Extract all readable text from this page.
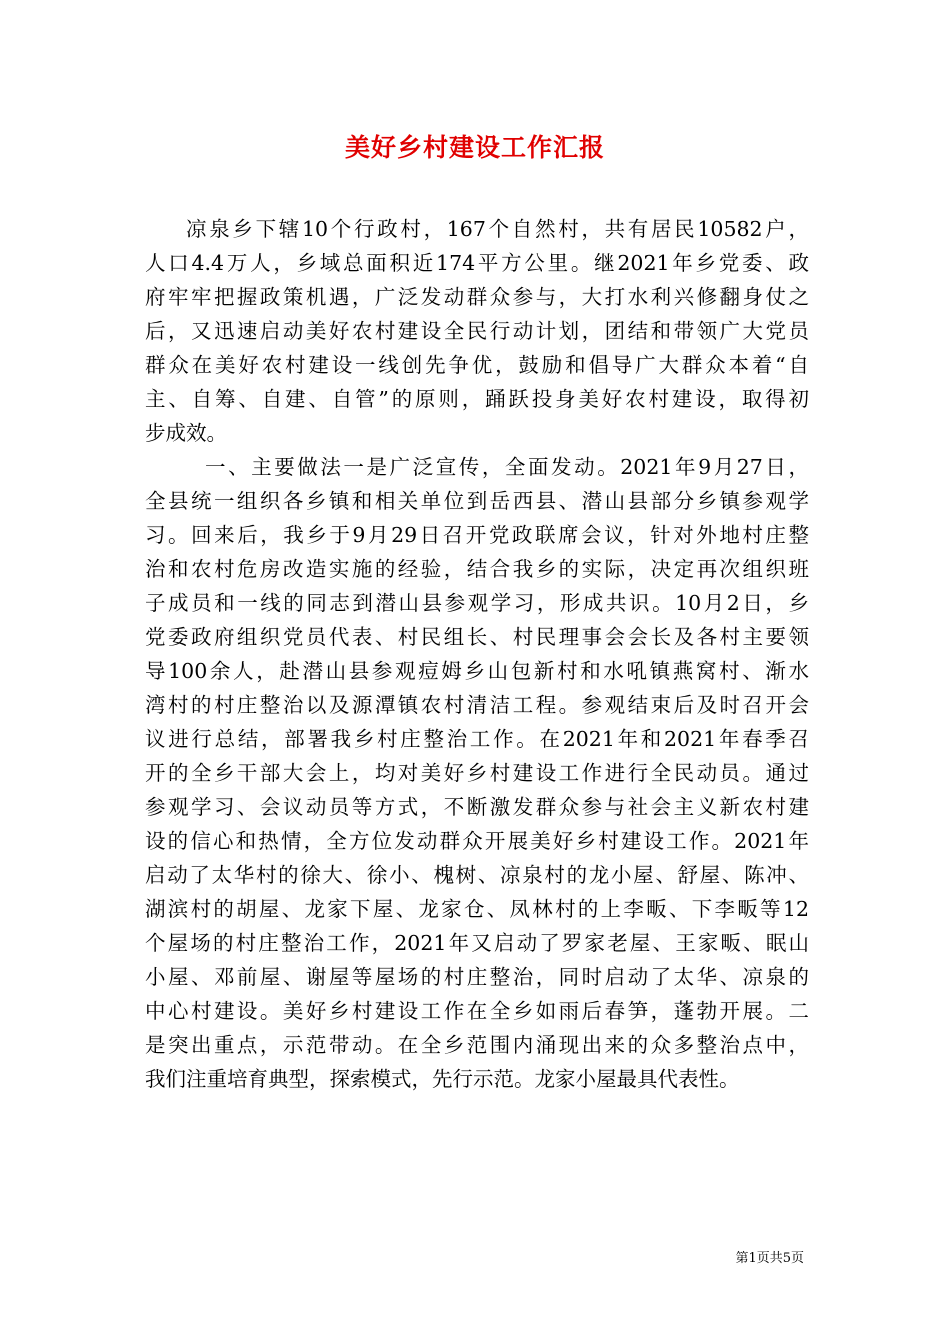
美好乡村建设工作汇报
凉泉乡下辖10个行政村，167个自然村，共有居民10582户，
人口4.4万人，乡域总面积近174平方公里。继2021年乡党委、政
府牢牢把握政策机遇，广泛发动群众参与，大打水利兴修翻身仗之
后，又迅速启动美好农村建设全民行动计划，团结和带领广大党员
群众在美好农村建设一线创先争优，鼓励和倡导广大群众本着“自
主、自筹、自建、自管”的原则，踊跃投身美好农村建设，取得初
步成效。
一、主要做法一是广泛宣传，全面发动。2021年9月27日，
全县统一组织各乡镇和相关单位到岳西县、潜山县部分乡镇参观学
习。回来后，我乡于9月29日召开党政联席会议，针对外地村庄整
治和农村危房改造实施的经验，结合我乡的实际，决定再次组织班
子成员和一线的同志到潜山县参观学习，形成共识。10月2日，乡
党委政府组织党员代表、村民组长、村民理事会会长及各村主要领
导100余人，赴潜山县参观痘姆乡山包新村和水吼镇燕窝村、渐水
湾村的村庄整治以及源潭镇农村清洁工程。参观结束后及时召开会
议进行总结，部署我乡村庄整治工作。在2021年和2021年春季召
开的全乡干部大会上，均对美好乡村建设工作进行全民动员。通过
参观学习、会议动员等方式，不断激发群众参与社会主义新农村建
设的信心和热情，全方位发动群众开展美好乡村建设工作。2021年
启动了太华村的徐大、徐小、槐树、凉泉村的龙小屋、舒屋、陈冲、
湖滨村的胡屋、龙家下屋、龙家仓、凤林村的上李畈、下李畈等12
个屋场的村庄整治工作，2021年又启动了罗家老屋、王家畈、眠山
小屋、邓前屋、谢屋等屋场的村庄整治，同时启动了太华、凉泉的
中心村建设。美好乡村建设工作在全乡如雨后春笋，蓬勃开展。二
是突出重点，示范带动。在全乡范围内涌现出来的众多整治点中，
我们注重培育典型，探索模式，先行示范。龙家小屋最具代表性。
第1页共5页
